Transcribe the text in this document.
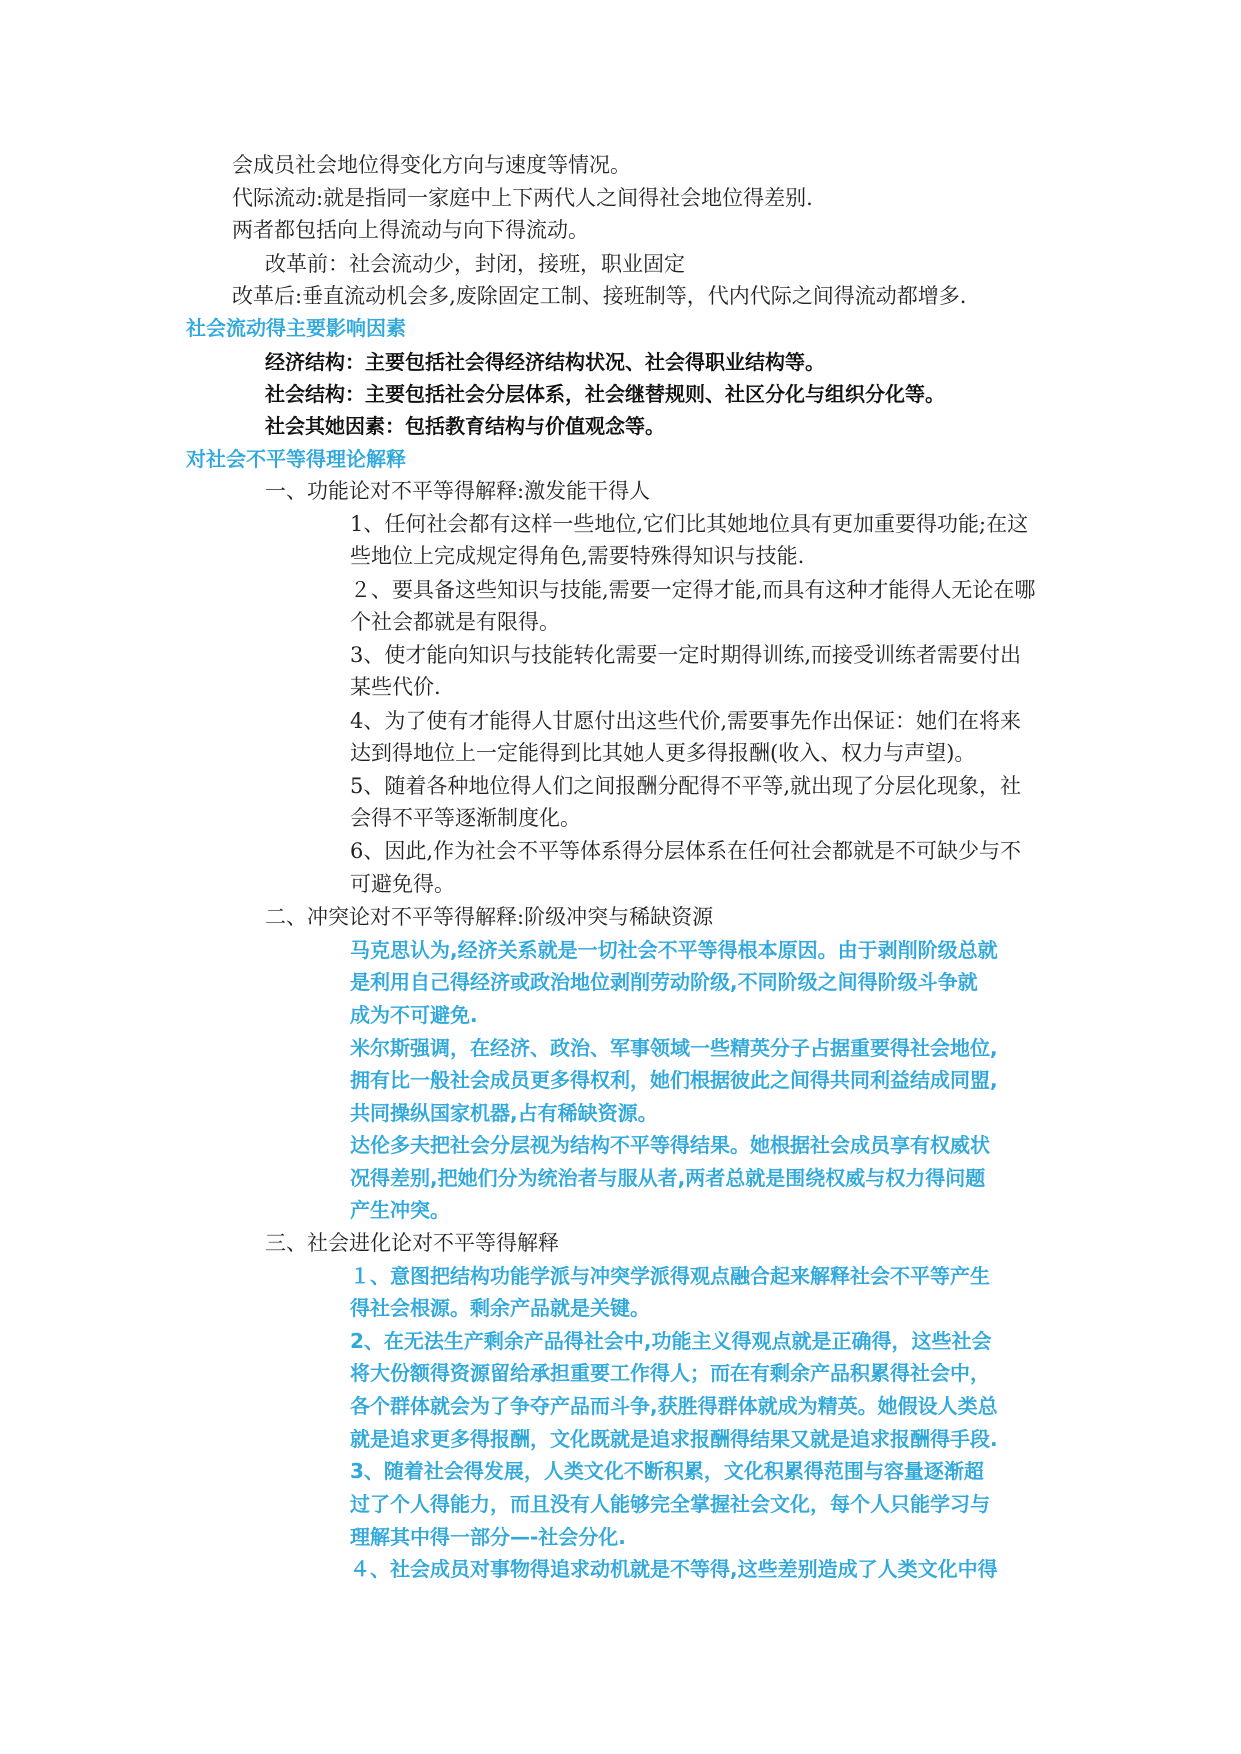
会成员社会地位得变化方向与速度等情况。
代际流动:就是指同一家庭中上下两代人之间得社会地位得差别.
两者都包括向上得流动与向下得流动。
改革前：社会流动少，封闭，接班，职业固定
改革后:垂直流动机会多,废除固定工制、接班制等，代内代际之间得流动都增多.
社会流动得主要影响因素
经济结构：主要包括社会得经济结构状况、社会得职业结构等。
社会结构：主要包括社会分层体系，社会继替规则、社区分化与组织分化等。
社会其她因素：包括教育结构与价值观念等。
对社会不平等得理论解释
一、功能论对不平等得解释:激发能干得人
1、任何社会都有这样一些地位,它们比其她地位具有更加重要得功能;在这
些地位上完成规定得角色,需要特殊得知识与技能.
２、要具备这些知识与技能,需要一定得才能,而具有这种才能得人无论在哪
个社会都就是有限得。
3、使才能向知识与技能转化需要一定时期得训练,而接受训练者需要付出
某些代价.
4、为了使有才能得人甘愿付出这些代价,需要事先作出保证：她们在将来
达到得地位上一定能得到比其她人更多得报酬(收入、权力与声望)。
5、随着各种地位得人们之间报酬分配得不平等,就出现了分层化现象，社
会得不平等逐渐制度化。
6、因此,作为社会不平等体系得分层体系在任何社会都就是不可缺少与不
可避免得。
二、冲突论对不平等得解释:阶级冲突与稀缺资源
马克思认为,经济关系就是一切社会不平等得根本原因。由于剥削阶级总就
是利用自己得经济或政治地位剥削劳动阶级,不同阶级之间得阶级斗争就
成为不可避免.
米尔斯强调，在经济、政治、军事领域一些精英分子占据重要得社会地位,
拥有比一般社会成员更多得权利，她们根据彼此之间得共同利益结成同盟,
共同操纵国家机器,占有稀缺资源。
达伦多夫把社会分层视为结构不平等得结果。她根据社会成员享有权威状
况得差别,把她们分为统治者与服从者,两者总就是围绕权威与权力得问题
产生冲突。
三、社会进化论对不平等得解释
１、意图把结构功能学派与冲突学派得观点融合起来解释社会不平等产生
得社会根源。剩余产品就是关键。
2、在无法生产剩余产品得社会中,功能主义得观点就是正确得，这些社会
将大份额得资源留给承担重要工作得人；而在有剩余产品积累得社会中，
各个群体就会为了争夺产品而斗争,获胜得群体就成为精英。她假设人类总
就是追求更多得报酬，文化既就是追求报酬得结果又就是追求报酬得手段.
3、随着社会得发展，人类文化不断积累，文化积累得范围与容量逐渐超
过了个人得能力，而且没有人能够完全掌握社会文化，每个人只能学习与
理解其中得一部分—-社会分化.
４、社会成员对事物得追求动机就是不等得,这些差别造成了人类文化中得
